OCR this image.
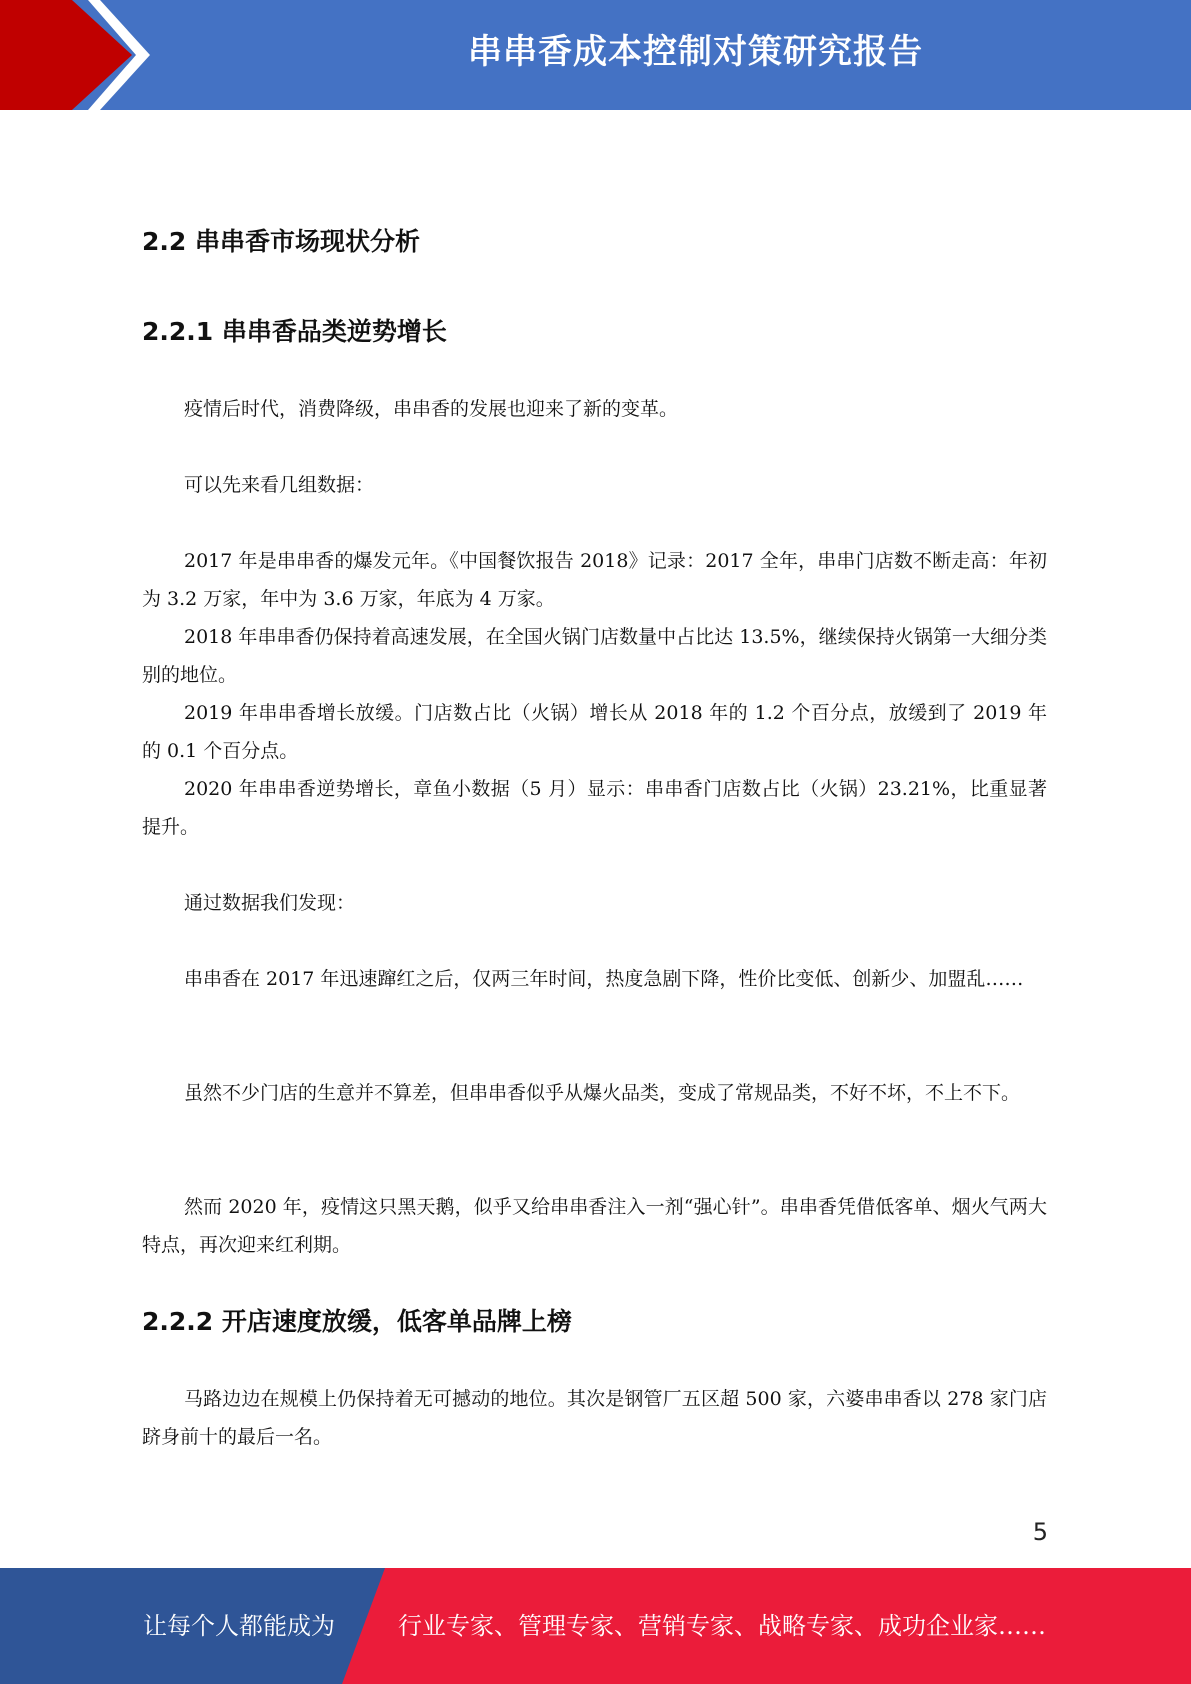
串串香成本控制对策研究报告
2.2 串串香市场现状分析
2.2.1 串串香品类逆势增长

疫情后时代，消费降级，串串香的发展也迎来了新的变革。

可以先来看几组数据：

2017 年是串串香的爆发元年。《中国餐饮报告 2018》记录：2017 全年，串串门店数不断走高：年初为 3.2 万家，年中为 3.6 万家，年底为 4 万家。

2018 年串串香仍保持着高速发展，在全国火锅门店数量中占比达 13.5%，继续保持火锅第一大细分类别的地位。

2019 年串串香增长放缓。门店数占比（火锅）增长从 2018 年的 1.2 个百分点，放缓到了 2019 年的 0.1 个百分点。

2020 年串串香逆势增长，章鱼小数据（5 月）显示：串串香门店数占比（火锅）23.21%，比重显著提升。

通过数据我们发现：

串串香在 2017 年迅速蹿红之后，仅两三年时间，热度急剧下降，性价比变低、创新少、加盟乱……

虽然不少门店的生意并不算差，但串串香似乎从爆火品类，变成了常规品类，不好不坏，不上不下。

然而 2020 年，疫情这只黑天鹅，似乎又给串串香注入一剂“强心针”。串串香凭借低客单、烟火气两大特点，再次迎来红利期。

2.2.2 开店速度放缓，低客单品牌上榜

马路边边在规模上仍保持着无可撼动的地位。其次是钢管厂五区超 500 家，六婆串串香以 278 家门店跻身前十的最后一名。

5
让每个人都能成为	行业专家、管理专家、营销专家、战略专家、成功企业家……
